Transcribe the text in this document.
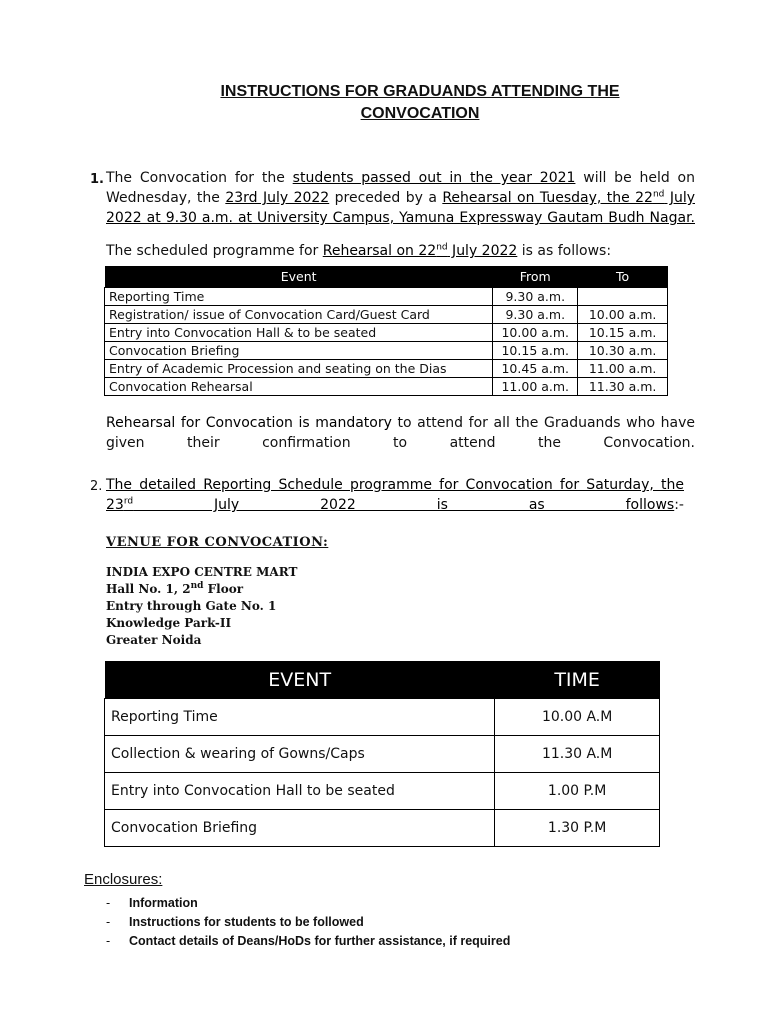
INSTRUCTIONS FOR GRADUANDS ATTENDING THE
CONVOCATION
1. The Convocation for the students passed out in the year 2021 will be held on Wednesday, the 23rd July 2022 preceded by a Rehearsal on Tuesday, the 22nd July 2022 at 9.30 a.m. at University Campus, Yamuna Expressway Gautam Budh Nagar.
The scheduled programme for Rehearsal on 22nd July 2022 is as follows:
Event	From	To
Reporting Time	9.30 a.m.	
Registration/ issue of Convocation Card/Guest Card	9.30 a.m.	10.00 a.m.
Entry into Convocation Hall & to be seated	10.00 a.m.	10.15 a.m.
Convocation Briefing	10.15 a.m.	10.30 a.m.
Entry of Academic Procession and seating on the Dias	10.45 a.m.	11.00 a.m.
Convocation Rehearsal	11.00 a.m.	11.30 a.m.
Rehearsal for Convocation is mandatory to attend for all the Graduands who have given their confirmation to attend the Convocation.
2. The detailed Reporting Schedule programme for Convocation for Saturday, the 23rd July 2022 is as follows:-
VENUE FOR CONVOCATION:
INDIA EXPO CENTRE MART
Hall No. 1, 2nd Floor
Entry through Gate No. 1
Knowledge Park-II
Greater Noida
EVENT	TIME
Reporting Time	10.00 A.M
Collection & wearing of Gowns/Caps	11.30 A.M
Entry into Convocation Hall to be seated	1.00 P.M
Convocation Briefing	1.30 P.M
Enclosures:
- Information
- Instructions for students to be followed
- Contact details of Deans/HoDs for further assistance, if required
